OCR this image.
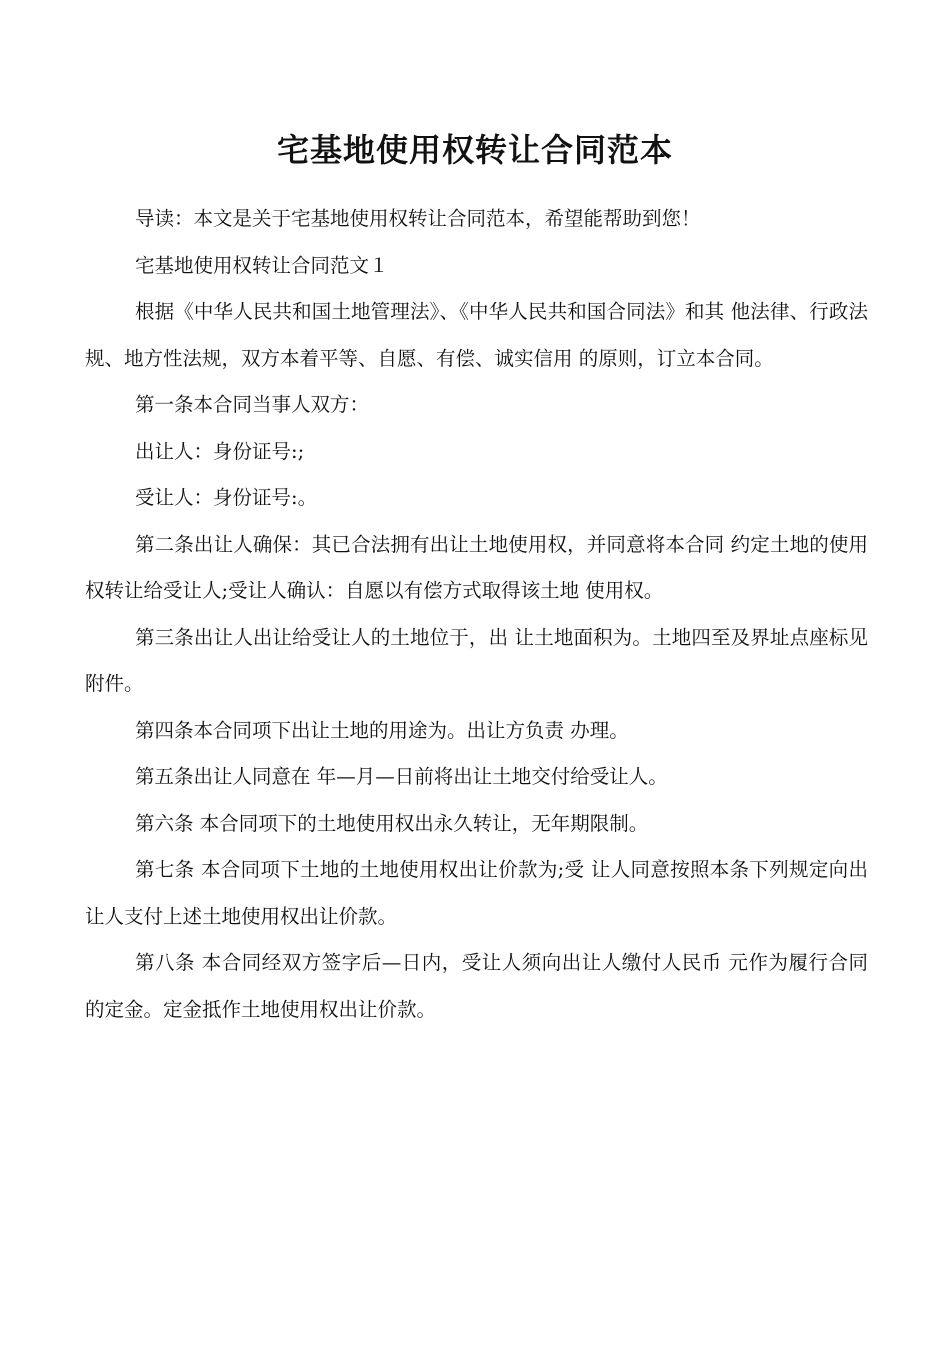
宅基地使用权转让合同范本

导读：本文是关于宅基地使用权转让合同范本，希望能帮助到您！

宅基地使用权转让合同范文１

根据《中华人民共和国土地管理法》、《中华人民共和国合同法》和其 他法律、行政法规、地方性法规，双方本着平等、自愿、有偿、诚实信用 的原则，订立本合同。

第一条本合同当事人双方：

出让人：身份证号:;

受让人：身份证号:。

第二条出让人确保：其已合法拥有出让土地使用权，并同意将本合同 约定土地的使用权转让给受让人;受让人确认：自愿以有偿方式取得该土地 使用权。

第三条出让人出让给受让人的土地位于，出 让土地面积为。土地四至及界址点座标见附件。

第四条本合同项下出让土地的用途为。出让方负责 办理。

第五条出让人同意在 年—月—日前将出让土地交付给受让人。

第六条 本合同项下的土地使用权出永久转让，无年期限制。

第七条 本合同项下土地的土地使用权出让价款为;受 让人同意按照本条下列规定向出让人支付上述土地使用权出让价款。

第八条 本合同经双方签字后—日内，受让人须向出让人缴付人民币 元作为履行合同的定金。定金抵作土地使用权出让价款。
